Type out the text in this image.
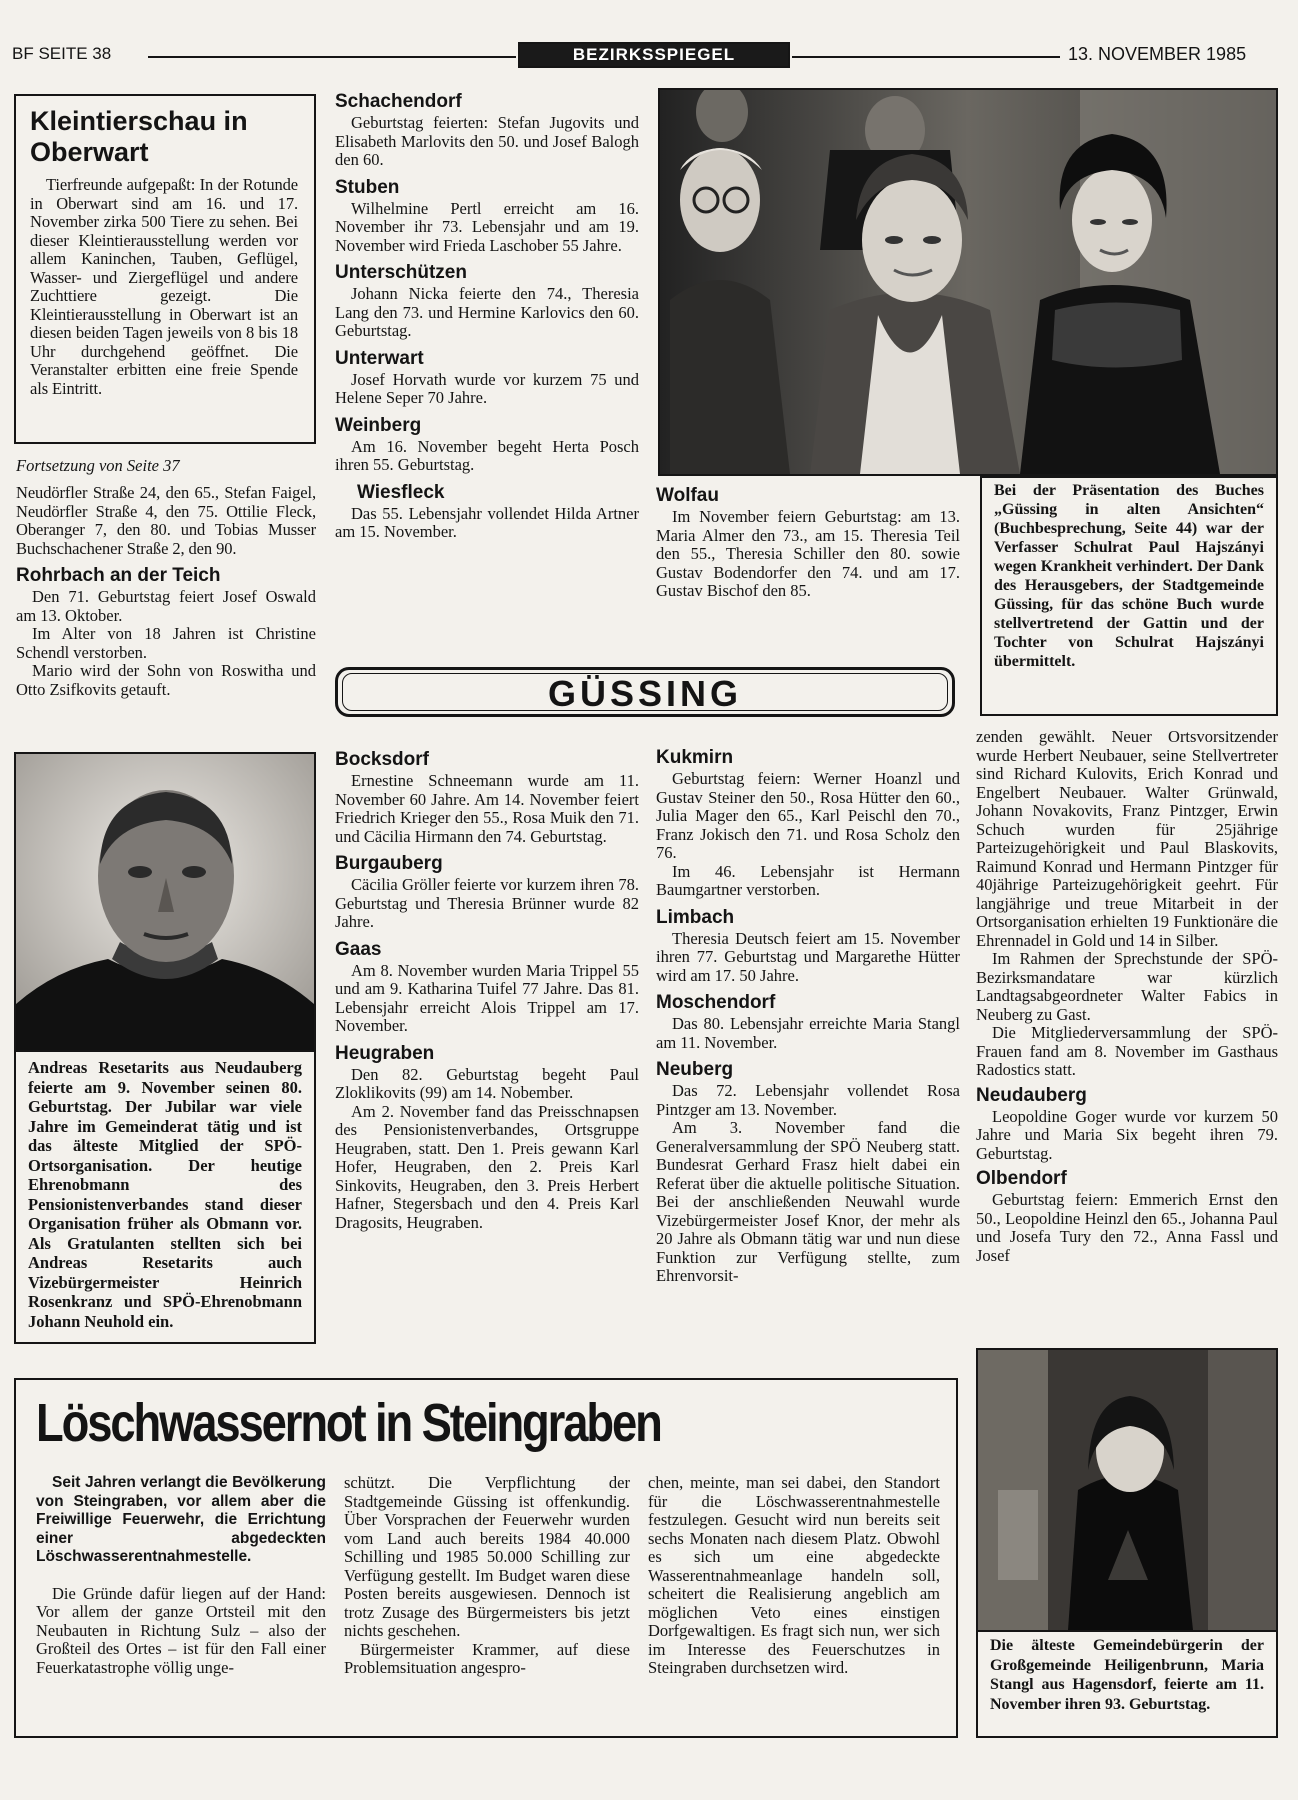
BF SEITE 38	BEZIRKSSPIEGEL	13. NOVEMBER 1985
Kleintierschau in Oberwart

Tierfreunde aufgepaßt: In der Rotunde in Oberwart sind am 16. und 17. November zirka 500 Tiere zu sehen. Bei dieser Kleintierausstellung werden vor allem Kaninchen, Tauben, Geflügel, Wasser- und Ziergeflügel und andere Zuchttiere gezeigt. Die Kleintierausstellung in Oberwart ist an diesen beiden Tagen jeweils von 8 bis 18 Uhr durchgehend geöffnet. Die Veranstalter erbitten eine freie Spende als Eintritt.

Fortsetzung von Seite 37

Neudörfler Straße 24, den 65., Stefan Faigel, Neudörfler Straße 4, den 75. Ottilie Fleck, Oberanger 7, den 80. und Tobias Musser Buchschachener Straße 2, den 90.

Rohrbach an der Teich

Den 71. Geburtstag feiert Josef Oswald am 13. Oktober.

Im Alter von 18 Jahren ist Christine Schendl verstorben.

Mario wird der Sohn von Roswitha und Otto Zsifkovits getauft.

Andreas Resetarits aus Neudauberg feierte am 9. November seinen 80. Geburtstag. Der Jubilar war viele Jahre im Gemeinderat tätig und ist das älteste Mitglied der SPÖ-Ortsorganisation. Der heutige Ehrenobmann des Pensionistenverbandes stand dieser Organisation früher als Obmann vor. Als Gratulanten stellten sich bei Andreas Resetarits auch Vizebürgermeister Heinrich Rosenkranz und SPÖ-Ehrenobmann Johann Neuhold ein.

Schachendorf

Geburtstag feierten: Stefan Jugovits und Elisabeth Marlovits den 50. und Josef Balogh den 60.

Stuben

Wilhelmine Pertl erreicht am 16. November ihr 73. Lebensjahr und am 19. November wird Frieda Laschober 55 Jahre.

Unterschützen

Johann Nicka feierte den 74., Theresia Lang den 73. und Hermine Karlovics den 60. Geburtstag.

Unterwart

Josef Horvath wurde vor kurzem 75 und Helene Seper 70 Jahre.

Weinberg

Am 16. November begeht Herta Posch ihren 55. Geburtstag.

Wiesfleck

Das 55. Lebensjahr vollendet Hilda Artner am 15. November.

Bei der Präsentation des Buches „Güssing in alten Ansichten“ (Buchbesprechung, Seite 44) war der Verfasser Schulrat Paul Hajszányi wegen Krankheit verhindert. Der Dank des Herausgebers, der Stadtgemeinde Güssing, für das schöne Buch wurde stellvertretend der Gattin und der Tochter von Schulrat Hajszányi übermittelt.

Wolfau

Im November feiern Geburtstag: am 13. Maria Almer den 73., am 15. Theresia Teil den 55., Theresia Schiller den 80. sowie Gustav Bodendorfer den 74. und am 17. Gustav Bischof den 85.

GÜSSING
Bocksdorf

Ernestine Schneemann wurde am 11. November 60 Jahre. Am 14. November feiert Friedrich Krieger den 55., Rosa Muik den 71. und Cäcilia Hirmann den 74. Geburtstag.

Burgauberg

Cäcilia Gröller feierte vor kurzem ihren 78. Geburtstag und Theresia Brünner wurde 82 Jahre.

Gaas

Am 8. November wurden Maria Trippel 55 und am 9. Katharina Tuifel 77 Jahre. Das 81. Lebensjahr erreicht Alois Trippel am 17. November.

Heugraben

Den 82. Geburtstag begeht Paul Zloklikovits (99) am 14. Nobember.

Am 2. November fand das Preisschnapsen des Pensionistenverbandes, Ortsgruppe Heugraben, statt. Den 1. Preis gewann Karl Hofer, Heugraben, den 2. Preis Karl Sinkovits, Heugraben, den 3. Preis Herbert Hafner, Stegersbach und den 4. Preis Karl Dragosits, Heugraben.

Kukmirn

Geburtstag feiern: Werner Hoanzl und Gustav Steiner den 50., Rosa Hütter den 60., Julia Mager den 65., Karl Peischl den 70., Franz Jokisch den 71. und Rosa Scholz den 76.

Im 46. Lebensjahr ist Hermann Baumgartner verstorben.

Limbach

Theresia Deutsch feiert am 15. November ihren 77. Geburtstag und Margarethe Hütter wird am 17. 50 Jahre.

Moschendorf

Das 80. Lebensjahr erreichte Maria Stangl am 11. November.

Neuberg

Das 72. Lebensjahr vollendet Rosa Pintzger am 13. November.

Am 3. November fand die Generalversammlung der SPÖ Neuberg statt. Bundesrat Gerhard Frasz hielt dabei ein Referat über die aktuelle politische Situation. Bei der anschließenden Neuwahl wurde Vizebürgermeister Josef Knor, der mehr als 20 Jahre als Obmann tätig war und nun diese Funktion zur Verfügung stellte, zum Ehrenvorsit-

zenden gewählt. Neuer Ortsvorsitzender wurde Herbert Neubauer, seine Stellvertreter sind Richard Kulovits, Erich Konrad und Engelbert Neubauer. Walter Grünwald, Johann Novakovits, Franz Pintzger, Erwin Schuch wurden für 25jährige Parteizugehörigkeit und Paul Blaskovits, Raimund Konrad und Hermann Pintzger für 40jährige Parteizugehörigkeit geehrt. Für langjährige und treue Mitarbeit in der Ortsorganisation erhielten 19 Funktionäre die Ehrennadel in Gold und 14 in Silber.

Im Rahmen der Sprechstunde der SPÖ-Bezirksmandatare war kürzlich Landtagsabgeordneter Walter Fabics in Neuberg zu Gast.

Die Mitgliederversammlung der SPÖ-Frauen fand am 8. November im Gasthaus Radostics statt.

Neudauberg

Leopoldine Goger wurde vor kurzem 50 Jahre und Maria Six begeht ihren 79. Geburtstag.

Olbendorf

Geburtstag feiern: Emmerich Ernst den 50., Leopoldine Heinzl den 65., Johanna Paul und Josefa Tury den 72., Anna Fassl und Josef

Löschwassernot in Steingraben

Seit Jahren verlangt die Bevölkerung von Steingraben, vor allem aber die Freiwillige Feuerwehr, die Errichtung einer abgedeckten Löschwasserentnahmestelle.

Die Gründe dafür liegen auf der Hand: Vor allem der ganze Ortsteil mit den Neubauten in Richtung Sulz – also der Großteil des Ortes – ist für den Fall einer Feuerkatastrophe völlig unge-

schützt. Die Verpflichtung der Stadtgemeinde Güssing ist offenkundig. Über Vorsprachen der Feuerwehr wurden vom Land auch bereits 1984 40.000 Schilling und 1985 50.000 Schilling zur Verfügung gestellt. Im Budget waren diese Posten bereits ausgewiesen. Dennoch ist trotz Zusage des Bürgermeisters bis jetzt nichts geschehen.

Bürgermeister Krammer, auf diese Problemsituation angespro-

chen, meinte, man sei dabei, den Standort für die Löschwasserentnahmestelle festzulegen. Gesucht wird nun bereits seit sechs Monaten nach diesem Platz. Obwohl es sich um eine abgedeckte Wasserentnahmeanlage handeln soll, scheitert die Realisierung angeblich am möglichen Veto eines einstigen Dorfgewaltigen. Es fragt sich nun, wer sich im Interesse des Feuerschutzes in Steingraben durchsetzen wird.

Die älteste Gemeindebürgerin der Großgemeinde Heiligenbrunn, Maria Stangl aus Hagensdorf, feierte am 11. November ihren 93. Geburtstag.
